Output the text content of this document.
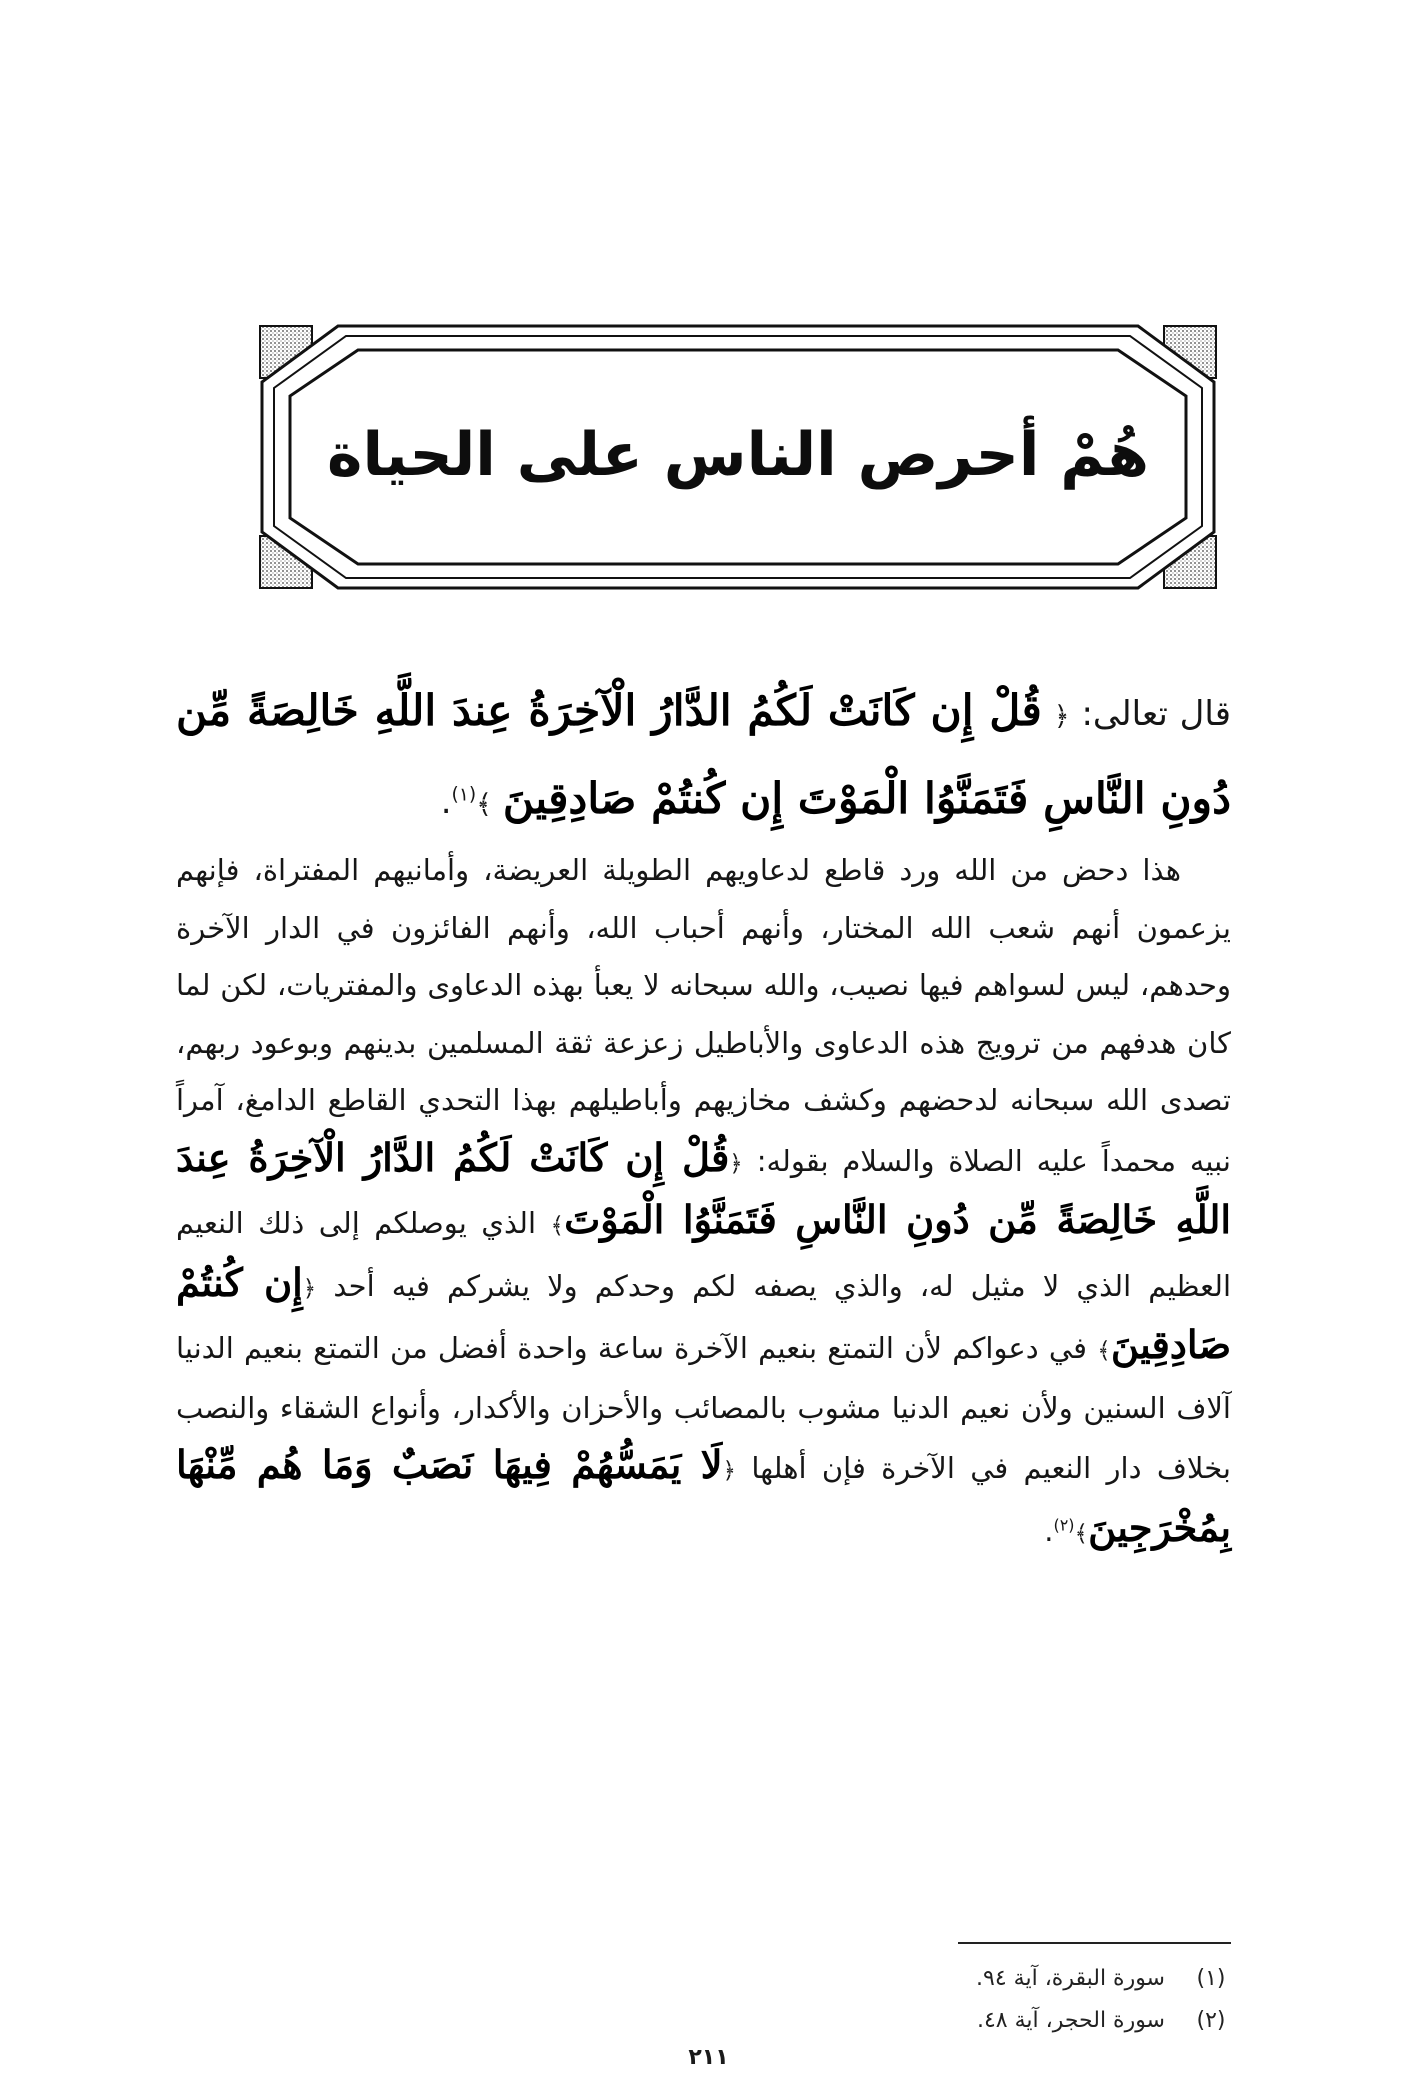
هُمْ أحرص الناس على الحياة
قال تعالى: ﴿ قُلْ إِن كَانَتْ لَكُمُ الدَّارُ الْآخِرَةُ عِندَ اللَّهِ خَالِصَةً مِّن دُونِ النَّاسِ فَتَمَنَّوُا الْمَوْتَ إِن كُنتُمْ صَادِقِينَ ﴾$^{(١)}$.
هذا دحض من الله ورد قاطع لدعاويهم الطويلة العريضة، وأمانيهم المفتراة، فإنهم يزعمون أنهم شعب الله المختار، وأنهم أحباب الله، وأنهم الفائزون في الدار الآخرة وحدهم، ليس لسواهم فيها نصيب، والله سبحانه لا يعبأ بهذه الدعاوى والمفتريات، لكن لما كان هدفهم من ترويج هذه الدعاوى والأباطيل زعزعة ثقة المسلمين بدينهم وبوعود ربهم، تصدى الله سبحانه لدحضهم وكشف مخازيهم وأباطيلهم بهذا التحدي القاطع الدامغ، آمراً نبيه محمداً عليه الصلاة والسلام بقوله: ﴿قُلْ إِن كَانَتْ لَكُمُ الدَّارُ الْآخِرَةُ عِندَ اللَّهِ خَالِصَةً مِّن دُونِ النَّاسِ فَتَمَنَّوُا الْمَوْتَ﴾ الذي يوصلكم إلى ذلك النعيم العظيم الذي لا مثيل له، والذي يصفه لكم وحدكم ولا يشركم فيه أحد ﴿إِن كُنتُمْ صَادِقِينَ﴾ في دعواكم لأن التمتع بنعيم الآخرة ساعة واحدة أفضل من التمتع بنعيم الدنيا آلاف السنين ولأن نعيم الدنيا مشوب بالمصائب والأحزان والأكدار، وأنواع الشقاء والنصب بخلاف دار النعيم في الآخرة فإن أهلها ﴿لَا يَمَسُّهُمْ فِيهَا نَصَبٌ وَمَا هُم مِّنْهَا بِمُخْرَجِينَ﴾$^{(٢)}$.
(١)
سورة البقرة، آية ٩٤.
(٢)
سورة الحجر، آية ٤٨.
٢١١
